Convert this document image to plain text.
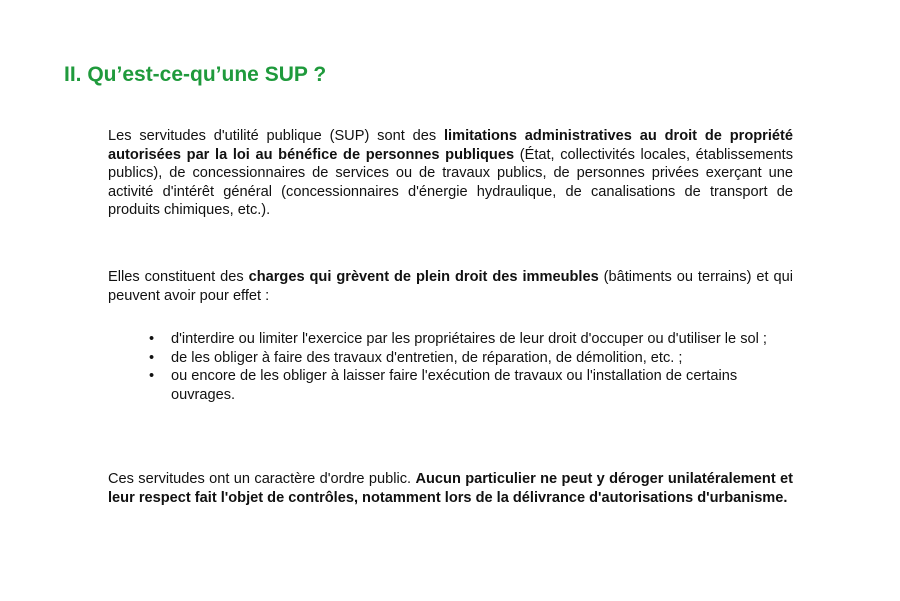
II. Qu’est-ce-qu’une SUP ?

Les servitudes d'utilité publique (SUP) sont des limitations administratives au droit de propriété autorisées par la loi au bénéfice de personnes publiques (État, collectivités locales, établissements publics), de concessionnaires de services ou de travaux publics, de personnes privées exerçant une activité d'intérêt général (concessionnaires d'énergie hydraulique, de canalisations de transport de produits chimiques, etc.).

Elles constituent des charges qui grèvent de plein droit des immeubles (bâtiments ou terrains) et qui peuvent avoir pour effet :

• d'interdire ou limiter l'exercice par les propriétaires de leur droit d'occuper ou d'utiliser le sol ;
• de les obliger à faire des travaux d'entretien, de réparation, de démolition, etc. ;
• ou encore de les obliger à laisser faire l'exécution de travaux ou l'installation de certains ouvrages.

Ces servitudes ont un caractère d'ordre public. Aucun particulier ne peut y déroger unilatéralement et leur respect fait l'objet de contrôles, notamment lors de la délivrance d'autorisations d'urbanisme.
